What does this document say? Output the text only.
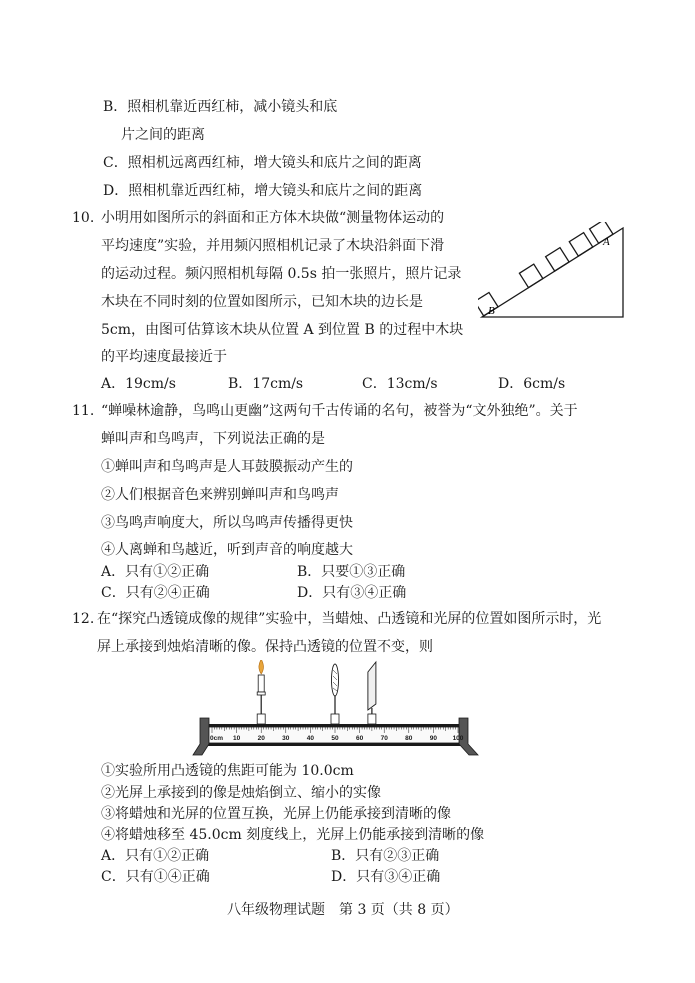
B．照相机靠近西红柿，减小镜头和底
片之间的距离
C．照相机远离西红柿，增大镜头和底片之间的距离
D．照相机靠近西红柿，增大镜头和底片之间的距离
10. 小明用如图所示的斜面和正方体木块做“测量物体运动的
平均速度”实验，并用频闪照相机记录了木块沿斜面下滑
的运动过程。频闪照相机每隔 0.5s 拍一张照片，照片记录
木块在不同时刻的位置如图所示，已知木块的边长是
5cm，由图可估算该木块从位置 A 到位置 B 的过程中木块
的平均速度最接近于
B
A
A．19cm/s	B．17cm/s	C．13cm/s	D．6cm/s
11. “蝉噪林逾静，鸟鸣山更幽”这两句千古传诵的名句，被誉为“文外独绝”。关于
蝉叫声和鸟鸣声，下列说法正确的是
①蝉叫声和鸟鸣声是人耳鼓膜振动产生的
②人们根据音色来辨别蝉叫声和鸟鸣声
③鸟鸣声响度大，所以鸟鸣声传播得更快
④人离蝉和鸟越近，听到声音的响度越大
A．只有①②正确	B．只要①③正确
C．只有②④正确	D．只有③④正确
12. 在“探究凸透镜成像的规律”实验中，当蜡烛、凸透镜和光屏的位置如图所示时，光
屏上承接到烛焰清晰的像。保持凸透镜的位置不变，则
0cm 10	20	30	40	50	60	70	80	90 100
①实验所用凸透镜的焦距可能为 10.0cm
②光屏上承接到的像是烛焰倒立、缩小的实像
③将蜡烛和光屏的位置互换，光屏上仍能承接到清晰的像
④将蜡烛移至 45.0cm 刻度线上，光屏上仍能承接到清晰的像
A．只有①②正确	B．只有②③正确
C．只有①④正确	D．只有③④正确
八年级物理试题　第 3 页（共 8 页）
